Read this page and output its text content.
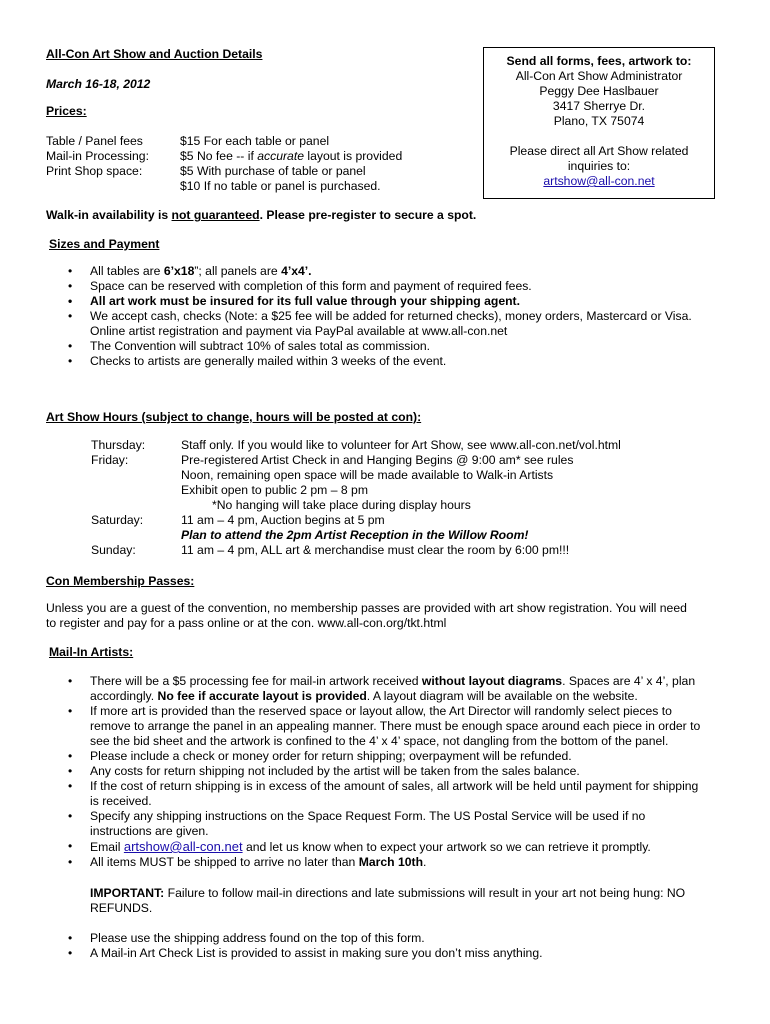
All-Con Art Show and Auction Details
March 16-18, 2012
Prices:
Table / Panel fees	$15 For each table or panel
Mail-in Processing:	$5 No fee -- if accurate layout is provided
Print Shop space:	$5 With purchase of table or panel
$10 If no table or panel is purchased.
Send all forms, fees, artwork to:
All-Con Art Show Administrator
Peggy Dee Haslbauer
3417 Sherrye Dr.
Plano, TX 75074
Please direct all Art Show related
inquiries to:
artshow@all-con.net
Walk-in availability is not guaranteed. Please pre-register to secure a spot.
Sizes and Payment
• All tables are 6’x18”; all panels are 4’x4’.
• Space can be reserved with completion of this form and payment of required fees.
• All art work must be insured for its full value through your shipping agent.
• We accept cash, checks (Note: a $25 fee will be added for returned checks), money orders, Mastercard or Visa.
Online artist registration and payment via PayPal available at www.all-con.net
• The Convention will subtract 10% of sales total as commission.
• Checks to artists are generally mailed within 3 weeks of the event.
Art Show Hours (subject to change, hours will be posted at con):
Thursday:	Staff only. If you would like to volunteer for Art Show, see www.all-con.net/vol.html
Friday:	Pre-registered Artist Check in and Hanging Begins @ 9:00 am* see rules
Noon, remaining open space will be made available to Walk-in Artists
Exhibit open to public 2 pm – 8 pm
*No hanging will take place during display hours
Saturday:	11 am – 4 pm, Auction begins at 5 pm
Plan to attend the 2pm Artist Reception in the Willow Room!
Sunday:	11 am – 4 pm, ALL art & merchandise must clear the room by 6:00 pm!!!
Con Membership Passes:
Unless you are a guest of the convention, no membership passes are provided with art show registration. You will need
to register and pay for a pass online or at the con. www.all-con.org/tkt.html
Mail-In Artists:
• There will be a $5 processing fee for mail-in artwork received without layout diagrams. Spaces are 4’ x 4’, plan
accordingly. No fee if accurate layout is provided. A layout diagram will be available on the website.
• If more art is provided than the reserved space or layout allow, the Art Director will randomly select pieces to
remove to arrange the panel in an appealing manner. There must be enough space around each piece in order to
see the bid sheet and the artwork is confined to the 4’ x 4’ space, not dangling from the bottom of the panel.
• Please include a check or money order for return shipping; overpayment will be refunded.
• Any costs for return shipping not included by the artist will be taken from the sales balance.
• If the cost of return shipping is in excess of the amount of sales, all artwork will be held until payment for shipping
is received.
• Specify any shipping instructions on the Space Request Form. The US Postal Service will be used if no
instructions are given.
• Email artshow@all-con.net and let us know when to expect your artwork so we can retrieve it promptly.
• All items MUST be shipped to arrive no later than March 10th.
IMPORTANT: Failure to follow mail-in directions and late submissions will result in your art not being hung: NO
REFUNDS.
• Please use the shipping address found on the top of this form.
• A Mail-in Art Check List is provided to assist in making sure you don’t miss anything.
